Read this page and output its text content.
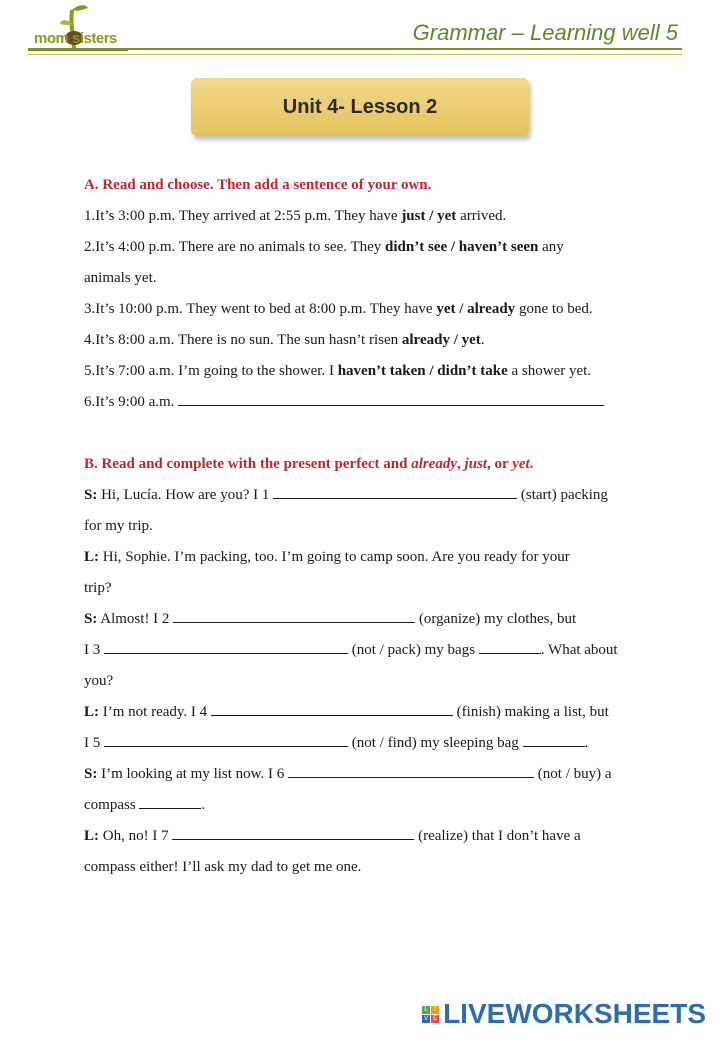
mom sisters	Grammar – Learning well 5
Unit 4- Lesson 2
A. Read and choose. Then add a sentence of your own.
1.It’s 3:00 p.m. They arrived at 2:55 p.m. They have just / yet arrived.
2.It’s 4:00 p.m. There are no animals to see. They didn’t see / haven’t seen any
animals yet.
3.It’s 10:00 p.m. They went to bed at 8:00 p.m. They have yet / already gone to bed.
4.It’s 8:00 a.m. There is no sun. The sun hasn’t risen already / yet.
5.It’s 7:00 a.m. I’m going to the shower. I haven’t taken / didn’t take a shower yet.
6.It’s 9:00 a.m.
B. Read and complete with the present perfect and already, just, or yet.
S: Hi, Lucía. How are you? I 1	(start) packing
for my trip.
L: Hi, Sophie. I’m packing, too. I’m going to camp soon. Are you ready for your
trip?
S: Almost! I 2	(organize) my clothes, but
I 3	(not / pack) my bags	. What about
you?
L: I’m not ready. I 4	(finish) making a list, but
I 5	(not / find) my sleeping bag	.
S: I’m looking at my list now. I 6	(not / buy) a
compass	.
L: Oh, no! I 7	(realize) that I don’t have a
compass either! I’ll ask my dad to get me one.
L	I
V E LIVEWORKSHEETS
